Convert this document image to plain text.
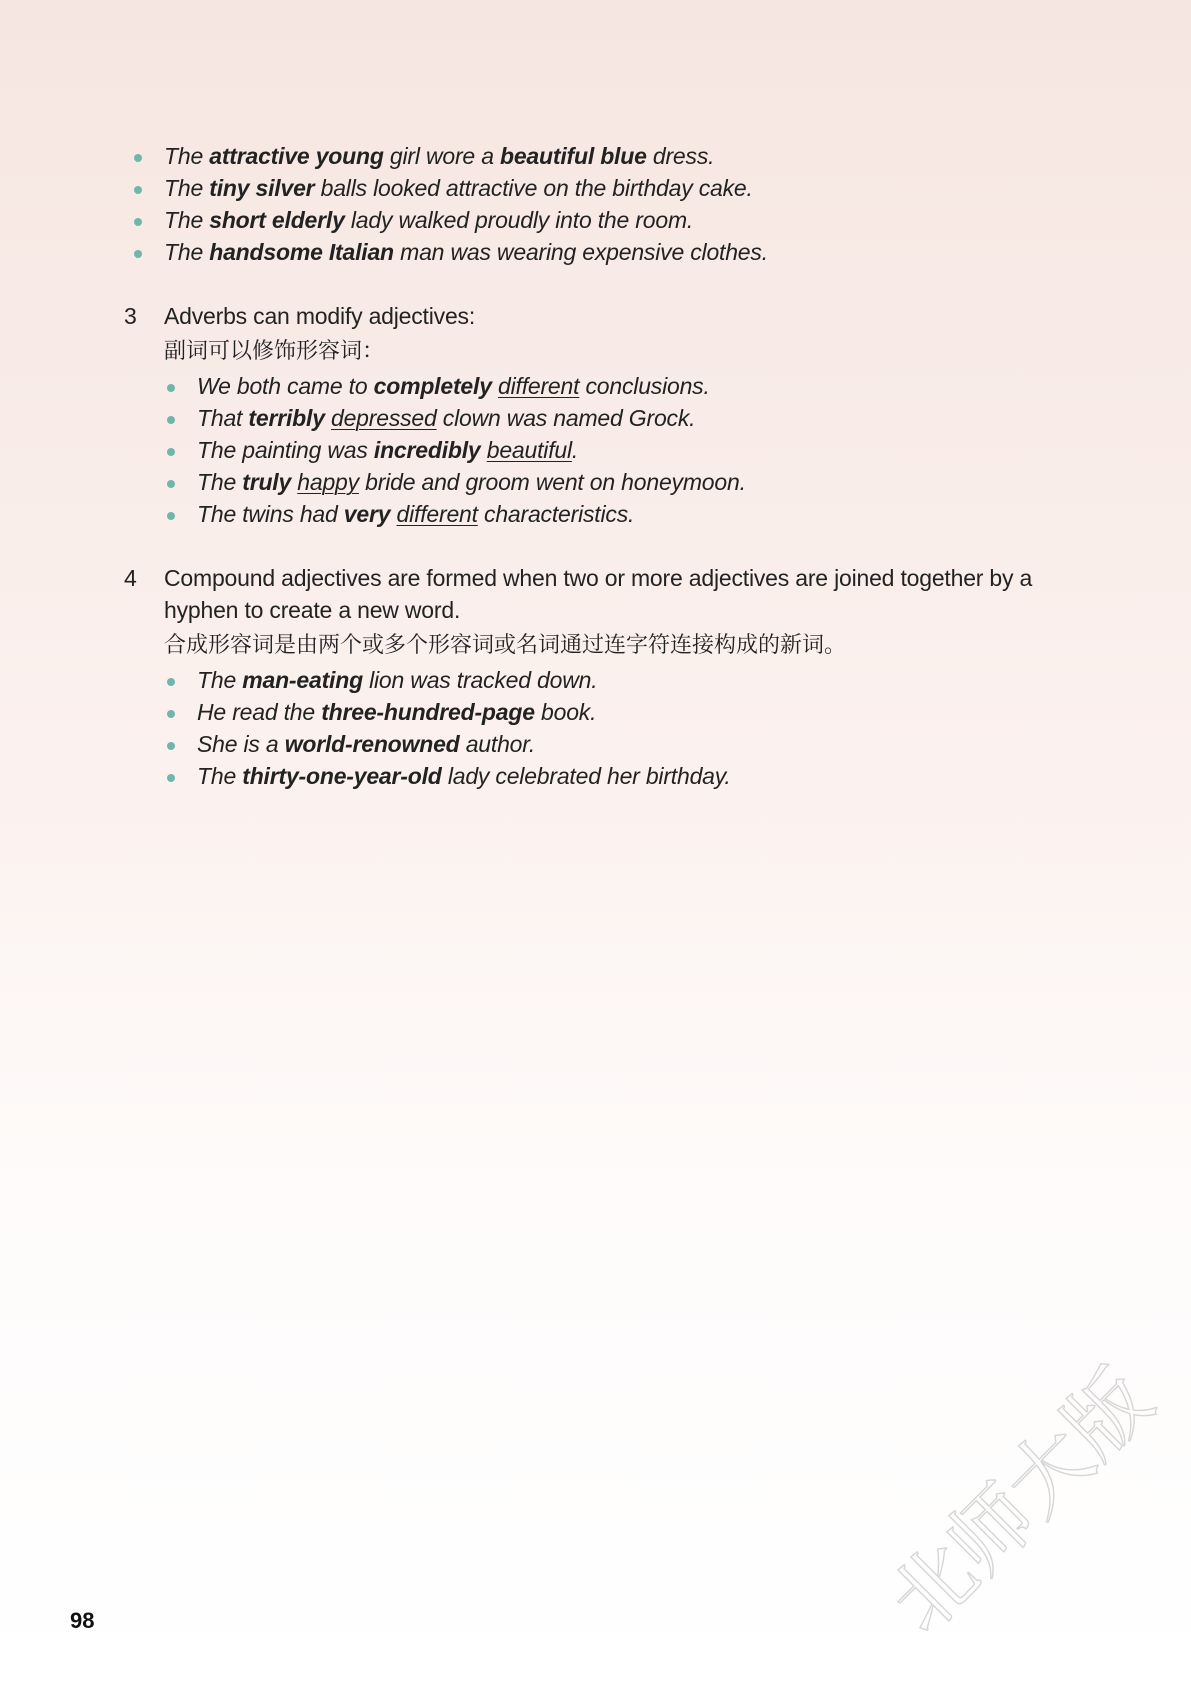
The attractive young girl wore a beautiful blue dress.
The tiny silver balls looked attractive on the birthday cake.
The short elderly lady walked proudly into the room.
The handsome Italian man was wearing expensive clothes.
3 Adverbs can modify adjectives:
副词可以修饰形容词：
We both came to completely different conclusions.
That terribly depressed clown was named Grock.
The painting was incredibly beautiful.
The truly happy bride and groom went on honeymoon.
The twins had very different characteristics.
4 Compound adjectives are formed when two or more adjectives are joined together by a hyphen to create a new word.
合成形容词是由两个或多个形容词或名词通过连字符连接构成的新词。
The man-eating lion was tracked down.
He read the three-hundred-page book.
She is a world-renowned author.
The thirty-one-year-old lady celebrated her birthday.
98	北师大版
